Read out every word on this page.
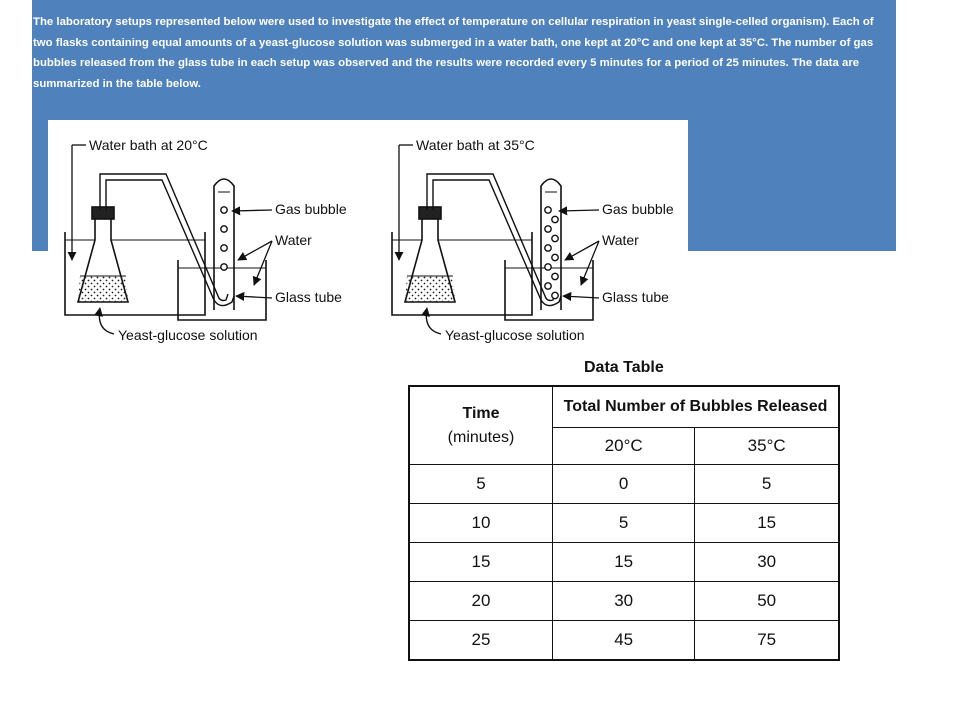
The laboratory setups represented below were used to investigate the effect of temperature on cellular respiration in yeast single-celled organism). Each of two flasks containing equal amounts of a yeast-glucose solution was submerged in a water bath, one kept at 20°C and one kept at 35°C. The number of gas bubbles released from the glass tube in each setup was observed and the results were recorded every 5 minutes for a period of 25 minutes. The data are summarized in the table below.

Water bath at 20°C
Gas bubble
Water
Glass tube
Yeast-glucose solution
Water bath at 35°C
Gas bubble
Water
Glass tube
Yeast-glucose solution
Data Table
Time
(minutes)	Total Number of Bubbles Released	
	20°C	35°C
5	0	5
10	5	15
15	15	30
20	30	50
25	45	75
